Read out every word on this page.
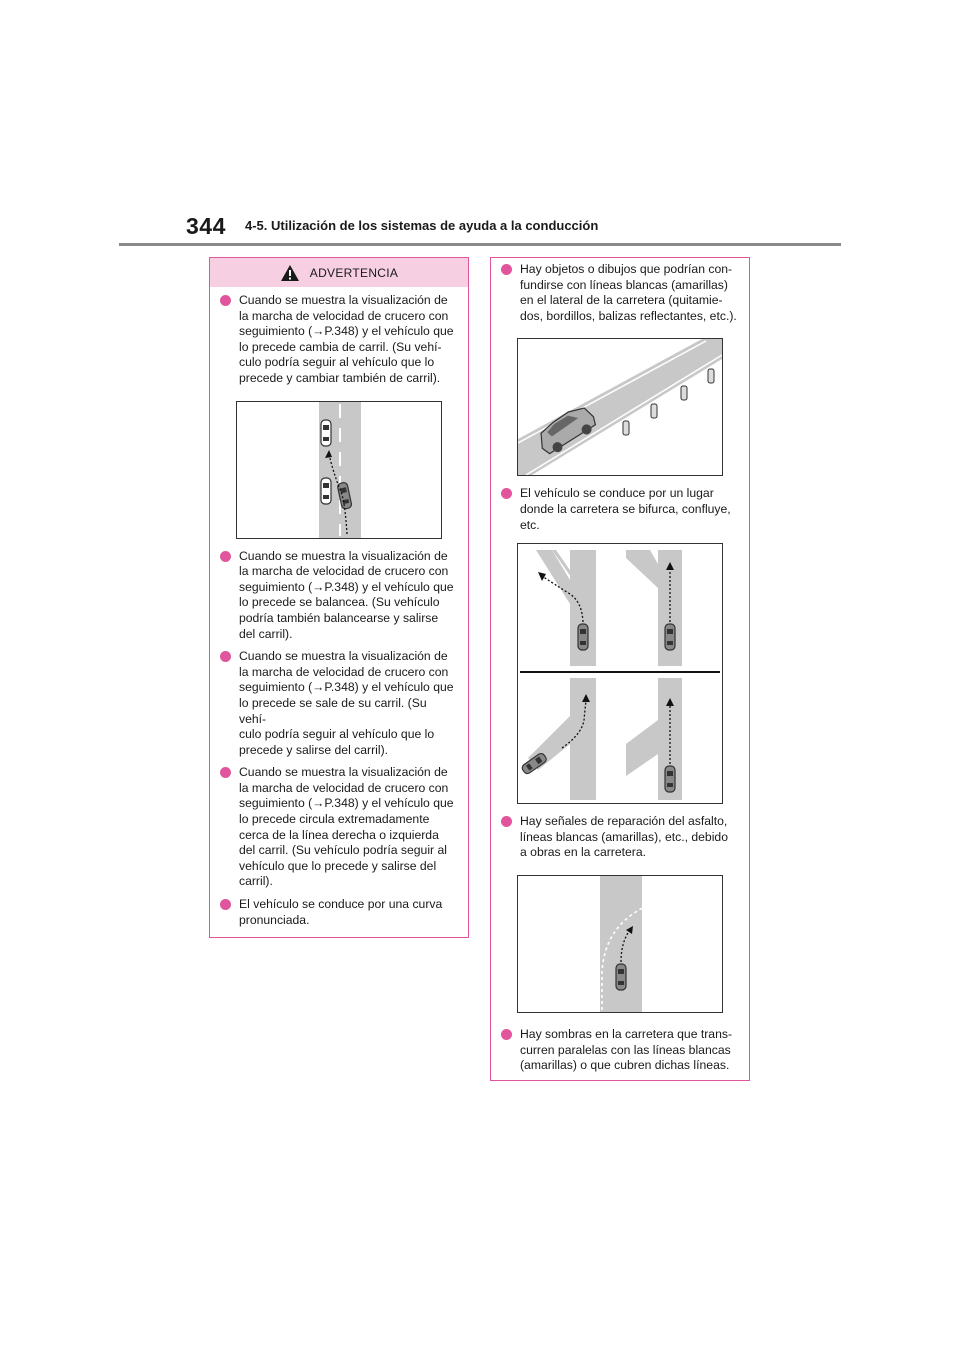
344 4-5. Utilización de los sistemas de ayuda a la conducción
ADVERTENCIA
Cuando se muestra la visualización de
la marcha de velocidad de crucero con
seguimiento (→P.348) y el vehículo que
lo precede cambia de carril. (Su vehí-
culo podría seguir al vehículo que lo
precede y cambiar también de carril).
Cuando se muestra la visualización de
la marcha de velocidad de crucero con
seguimiento (→P.348) y el vehículo que
lo precede se balancea. (Su vehículo
podría también balancearse y salirse
del carril).
Cuando se muestra la visualización de
la marcha de velocidad de crucero con
seguimiento (→P.348) y el vehículo que
lo precede se sale de su carril. (Su vehí-
culo podría seguir al vehículo que lo
precede y salirse del carril).
Cuando se muestra la visualización de
la marcha de velocidad de crucero con
seguimiento (→P.348) y el vehículo que
lo precede circula extremadamente
cerca de la línea derecha o izquierda
del carril. (Su vehículo podría seguir al
vehículo que lo precede y salirse del
carril).
El vehículo se conduce por una curva
pronunciada.
Hay objetos o dibujos que podrían con-
fundirse con líneas blancas (amarillas)
en el lateral de la carretera (quitamie-
dos, bordillos, balizas reflectantes, etc.).
El vehículo se conduce por un lugar
donde la carretera se bifurca, confluye,
etc.
Hay señales de reparación del asfalto,
líneas blancas (amarillas), etc., debido
a obras en la carretera.
Hay sombras en la carretera que trans-
curren paralelas con las líneas blancas
(amarillas) o que cubren dichas líneas.
